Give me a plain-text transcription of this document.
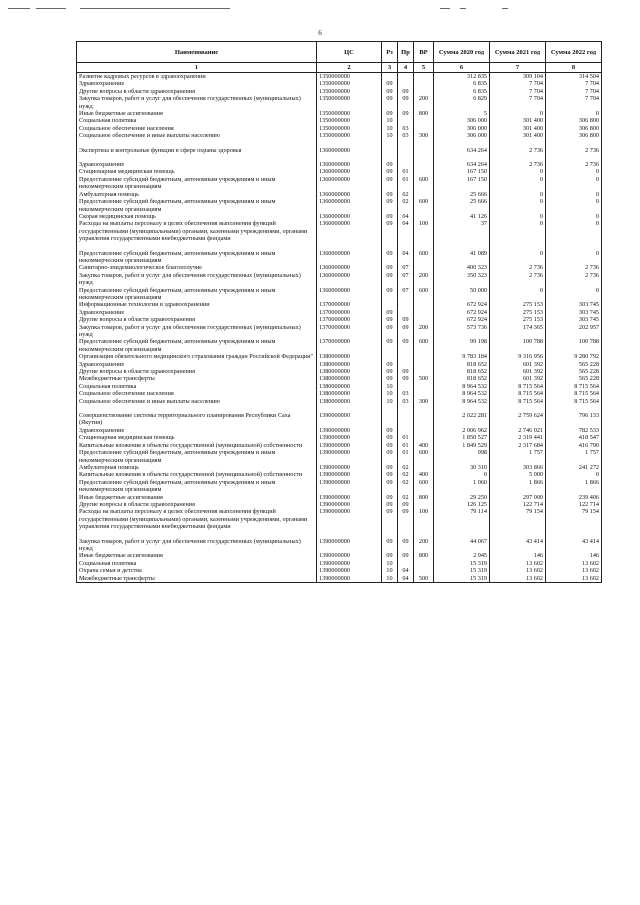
6
Наименование	ЦС	Рз	Пр	ВР	Сумма 2020 год	Сумма 2021 год	Сумма 2022 год
1	2	3	4	5	6	7	8
Развитие кадровых ресурсов в здравоохранении	1350000000				312 835	309 104	314 504
Здравоохранение	1350000000	09			6 835	7 704	7 704
Другие вопросы в области здравоохранения	1350000000	09	09		6 835	7 704	7 704
Закупка товаров, работ и услуг для обеспечения государственных (муниципальных) нужд	1350000000	09	09	200	6 829	7 704	7 704
Иные бюджетные ассигнования	1350000000	09	09	800	5	0	0
Социальная политика	1350000000	10			306 000	301 400	306 800
Социальное обеспечение населения	1350000000	10	03		306 000	301 400	306 800
Социальное обеспечение и иные выплаты населению	1350000000	10	03	300	306 000	301 400	306 800

Экспертиза и контрольные функции в сфере охраны здоровья	1360000000				634 264	2 736	2 736

Здравоохранение	1360000000	09			634 264	2 736	2 736
Стационарная медицинская помощь	1360000000	09	01		167 150	0	0
Предоставление субсидий бюджетным, автономным учреждениям и иным некоммерческим организациям	1360000000	09	01	600	167 150	0	0
Амбулаторная помощь	1360000000	09	02		25 666	0	0
Предоставление субсидий бюджетным, автономным учреждениям и иным некоммерческим организациям	1360000000	09	02	600	25 666	0	0
Скорая медицинская помощь	1360000000	09	04		41 126	0	0
Расходы на выплаты персоналу в целях обеспечения выполнения функций государственными (муниципальными) органами, казенными учреждениями, органами управления государственными внебюджетными фондами	1360000000	09	04	100	37	0	0

Предоставление субсидий бюджетным, автономным учреждениям и иным некоммерческим организациям	1360000000	09	04	600	41 089	0	0
Санитарно-эпидемиологическое благополучие	1360000000	09	07		400 323	2 736	2 736
Закупка товаров, работ и услуг для обеспечения государственных (муниципальных) нужд	1360000000	09	07	200	350 323	2 736	2 736
Предоставление субсидий бюджетным, автономным учреждениям и иным некоммерческим организациям	1360000000	09	07	600	50 000	0	0
Информационные технологии в здравоохранении	1370000000				672 924	275 153	303 745
Здравоохранение	1370000000	09			672 924	275 153	303 745
Другие вопросы в области здравоохранения	1370000000	09	09		672 924	275 153	303 745
Закупка товаров, работ и услуг для обеспечения государственных (муниципальных) нужд	1370000000	09	09	200	573 736	174 365	202 957
Предоставление субсидий бюджетным, автономным учреждениям и иным некоммерческим организациям	1370000000	09	09	600	99 198	100 788	100 788
Организация обязательного медицинского страхования граждан Российской Федерации"	1380000000				9 783 184	9 316 956	9 280 792
Здравоохранение	1380000000	09			818 652	601 392	565 228
Другие вопросы в области здравоохранения	1380000000	09	09		818 652	601 392	565 228
Межбюджетные трансферты	1380000000	09	09	500	818 652	601 392	565 228
Социальная политика	1380000000	10			8 964 532	8 715 564	8 715 564
Социальное обеспечение населения	1380000000	10	03		8 964 532	8 715 564	8 715 564
Социальное обеспечение и иные выплаты населению	1380000000	10	03	300	8 964 532	8 715 564	8 715 564

Совершенствование системы территориального планирования Республики Саха (Якутия)	1390000000				2 022 281	2 759 624	796 133
Здравоохранение	1390000000	09			2 006 962	2 746 021	782 533
Стационарная медицинская помощь	1390000000	09	01		1 850 527	2 319 441	418 547
Капитальные вложения в объекты государственной (муниципальной) собственности	1390000000	09	01	400	1 849 529	2 317 684	416 790
Предоставление субсидий бюджетным, автономным учреждениям и иным некоммерческим организациям	1390000000	09	01	600	998	1 757	1 757
Амбулаторная помощь	1390000000	09	02		30 310	303 866	241 272
Капитальные вложения в объекты государственной (муниципальной) собственности	1390000000	09	02	400	0	5 000	0
Предоставление субсидий бюджетным, автономным учреждениям и иным некоммерческим организациям	1390000000	09	02	600	1 060	1 866	1 866
Иные бюджетные ассигнования	1390000000	09	02	800	29 250	297 000	239 406
Другие вопросы в области здравоохранения	1390000000	09	09		126 125	122 714	122 714
Расходы на выплаты персоналу в целях обеспечения выполнения функций государственными (муниципальными) органами, казенными учреждениями, органами управления государственными внебюджетными фондами	1390000000	09	09	100	79 114	79 154	79 154

Закупка товаров, работ и услуг для обеспечения государственных (муниципальных) нужд	1390000000	09	09	200	44 067	43 414	43 414
Иные бюджетные ассигнования	1390000000	09	09	800	2 945	146	146
Социальная политика	1390000000	10			15 319	13 602	13 602
Охрана семьи и детства	1390000000	10	04		15 319	13 602	13 602
Межбюджетные трансферты	1390000000	10	04	500	15 319	13 602	13 602
